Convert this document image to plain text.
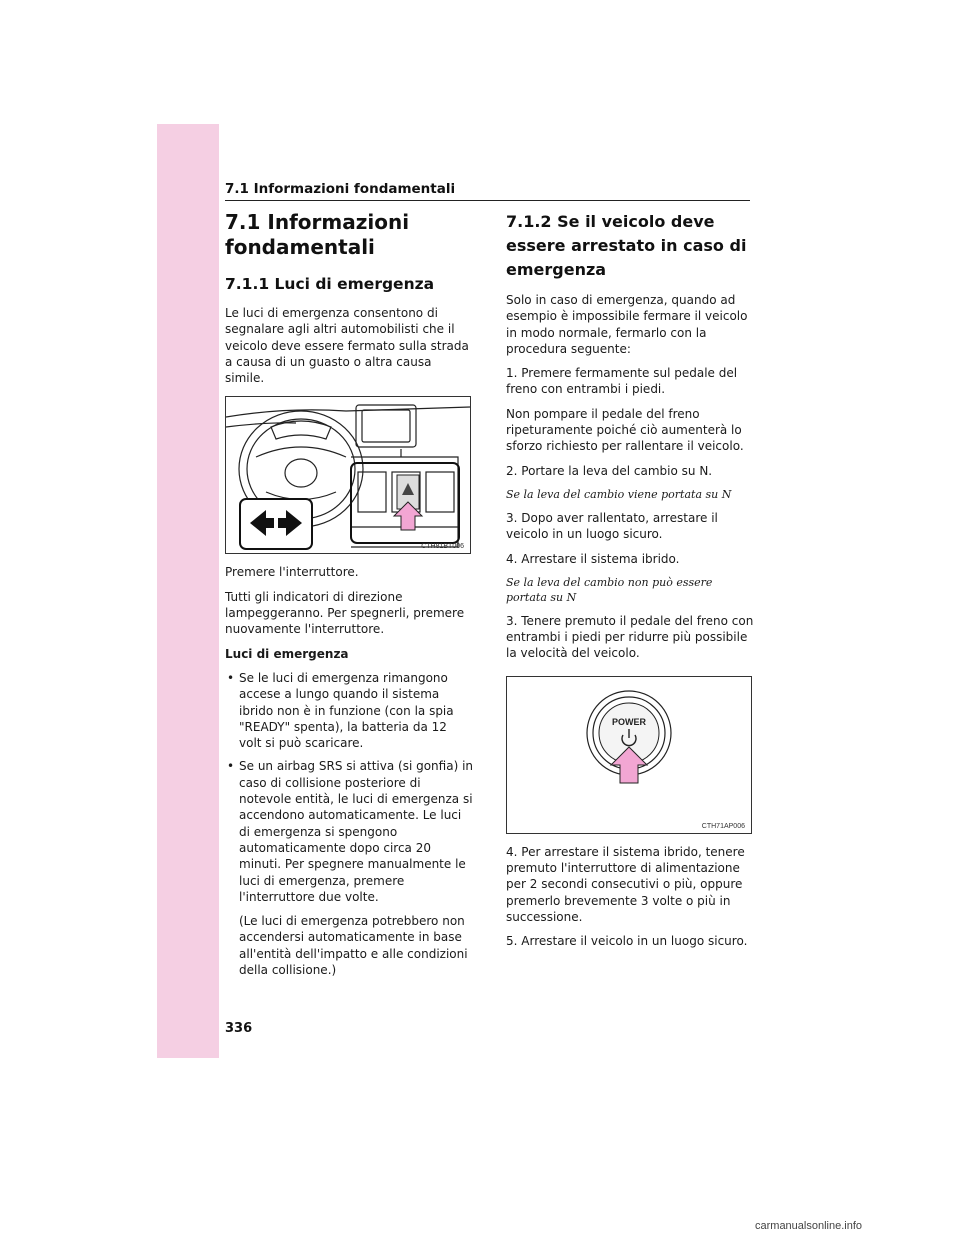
7.1 Informazioni fondamentali
7.1 Informazioni fondamentali
7.1.1 Luci di emergenza

Le luci di emergenza consentono di segnalare agli altri automobilisti che il veicolo deve essere fermato sulla strada a causa di un guasto o altra causa simile.

CTH81BT006

Premere l'interruttore.

Tutti gli indicatori di direzione lampeggeranno. Per spegnerli, premere nuovamente l'interruttore.

Luci di emergenza

• Se le luci di emergenza rimangono accese a lungo quando il sistema ibrido non è in funzione (con la spia "READY" spenta), la batteria da 12 volt si può scaricare.
• Se un airbag SRS si attiva (si gonfia) in caso di collisione posteriore di notevole entità, le luci di emergenza si accendono automaticamente. Le luci di emergenza si spengono automaticamente dopo circa 20 minuti. Per spegnere manualmente le luci di emergenza, premere l'interruttore due volte.

(Le luci di emergenza potrebbero non accendersi automaticamente in base all'entità dell'impatto e alle condizioni della collisione.)

7.1.2 Se il veicolo deve essere arrestato in caso di emergenza

Solo in caso di emergenza, quando ad esempio è impossibile fermare il veicolo in modo normale, fermarlo con la procedura seguente:

1. Premere fermamente sul pedale del freno con entrambi i piedi.

Non pompare il pedale del freno ripeturamente poiché ciò aumenterà lo sforzo richiesto per rallentare il veicolo.

2. Portare la leva del cambio su N.

Se la leva del cambio viene portata su N

3. Dopo aver rallentato, arrestare il veicolo in un luogo sicuro.

4. Arrestare il sistema ibrido.

Se la leva del cambio non può essere portata su N

3. Tenere premuto il pedale del freno con entrambi i piedi per ridurre più possibile la velocità del veicolo.

POWER
CTH71AP006

4. Per arrestare il sistema ibrido, tenere premuto l'interruttore di alimentazione per 2 secondi consecutivi o più, oppure premerlo brevemente 3 volte o più in successione.

5. Arrestare il veicolo in un luogo sicuro.

336
carmanualsonline.info
